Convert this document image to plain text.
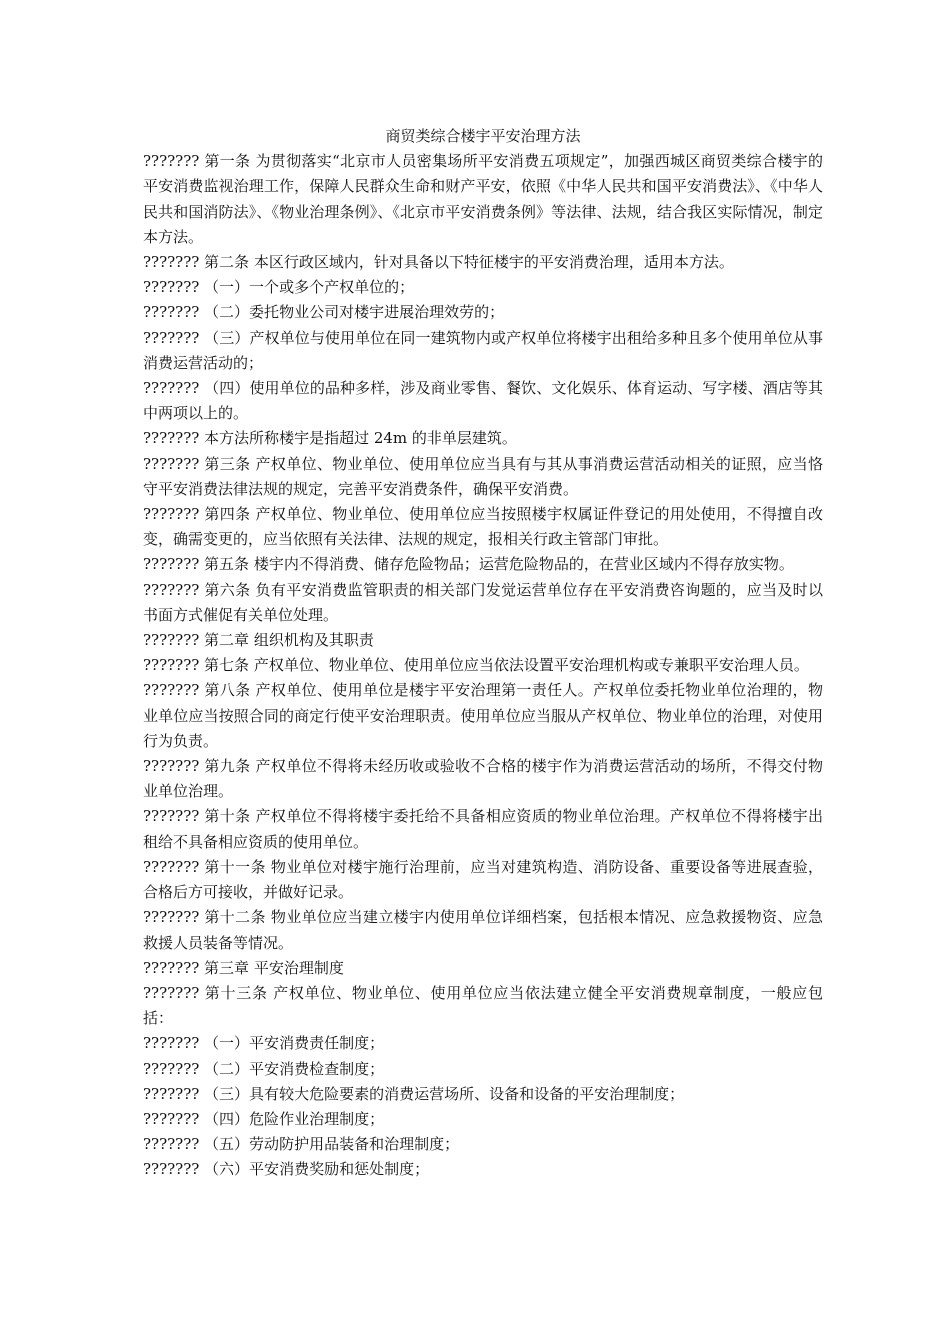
商贸类综合楼宇平安治理方法

??????? 第一条 为贯彻落实“北京市人员密集场所平安消费五项规定”，加强西城区商贸类综合楼宇的平安消费监视治理工作，保障人民群众生命和财产平安，依照《中华人民共和国平安消费法》、《中华人民共和国消防法》、《物业治理条例》、《北京市平安消费条例》等法律、法规，结合我区实际情况，制定本方法。

??????? 第二条 本区行政区域内，针对具备以下特征楼宇的平安消费治理，适用本方法。

??????? （一）一个或多个产权单位的；

??????? （二）委托物业公司对楼宇进展治理效劳的；

??????? （三）产权单位与使用单位在同一建筑物内或产权单位将楼宇出租给多种且多个使用单位从事消费运营活动的；

??????? （四）使用单位的品种多样，涉及商业零售、餐饮、文化娱乐、体育运动、写字楼、酒店等其中两项以上的。

??????? 本方法所称楼宇是指超过 24m 的非单层建筑。

??????? 第三条 产权单位、物业单位、使用单位应当具有与其从事消费运营活动相关的证照，应当恪守平安消费法律法规的规定，完善平安消费条件，确保平安消费。

??????? 第四条 产权单位、物业单位、使用单位应当按照楼宇权属证件登记的用处使用，不得擅自改变，确需变更的，应当依照有关法律、法规的规定，报相关行政主管部门审批。

??????? 第五条 楼宇内不得消费、储存危险物品；运营危险物品的，在营业区域内不得存放实物。

??????? 第六条 负有平安消费监管职责的相关部门发觉运营单位存在平安消费咨询题的，应当及时以书面方式催促有关单位处理。

??????? 第二章 组织机构及其职责

??????? 第七条 产权单位、物业单位、使用单位应当依法设置平安治理机构或专兼职平安治理人员。

??????? 第八条 产权单位、使用单位是楼宇平安治理第一责任人。产权单位委托物业单位治理的，物业单位应当按照合同的商定行使平安治理职责。使用单位应当服从产权单位、物业单位的治理，对使用行为负责。

??????? 第九条 产权单位不得将未经历收或验收不合格的楼宇作为消费运营活动的场所，不得交付物业单位治理。

??????? 第十条 产权单位不得将楼宇委托给不具备相应资质的物业单位治理。产权单位不得将楼宇出租给不具备相应资质的使用单位。

??????? 第十一条 物业单位对楼宇施行治理前，应当对建筑构造、消防设备、重要设备等进展查验，合格后方可接收，并做好记录。

??????? 第十二条 物业单位应当建立楼宇内使用单位详细档案，包括根本情况、应急救援物资、应急救援人员装备等情况。

??????? 第三章 平安治理制度

??????? 第十三条 产权单位、物业单位、使用单位应当依法建立健全平安消费规章制度，一般应包括：

??????? （一）平安消费责任制度；

??????? （二）平安消费检查制度；

??????? （三）具有较大危险要素的消费运营场所、设备和设备的平安治理制度；

??????? （四）危险作业治理制度；

??????? （五）劳动防护用品装备和治理制度；

??????? （六）平安消费奖励和惩处制度；
